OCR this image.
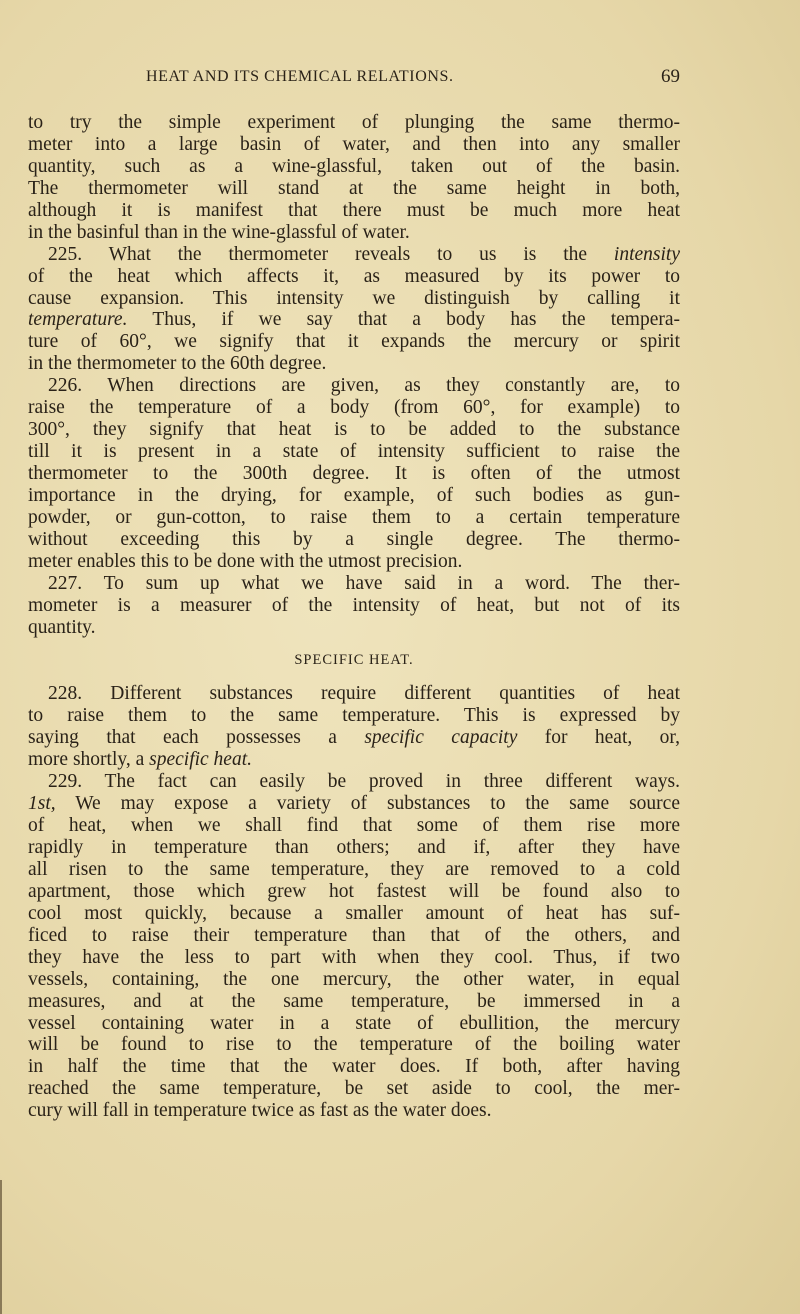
HEAT AND ITS CHEMICAL RELATIONS.	69
to try the simple experiment of plunging the same thermo-
meter into a large basin of water, and then into any smaller
quantity, such as a wine-glassful, taken out of the basin.
The thermometer will stand at the same height in both,
although it is manifest that there must be much more heat
in the basinful than in the wine-glassful of water.
225. What the thermometer reveals to us is the intensity
of the heat which affects it, as measured by its power to
cause expansion. This intensity we distinguish by calling it
temperature. Thus, if we say that a body has the tempera-
ture of 60°, we signify that it expands the mercury or spirit
in the thermometer to the 60th degree.
226. When directions are given, as they constantly are, to
raise the temperature of a body (from 60°, for example) to
300°, they signify that heat is to be added to the substance
till it is present in a state of intensity sufficient to raise the
thermometer to the 300th degree. It is often of the utmost
importance in the drying, for example, of such bodies as gun-
powder, or gun-cotton, to raise them to a certain temperature
without exceeding this by a single degree. The thermo-
meter enables this to be done with the utmost precision.
227. To sum up what we have said in a word. The ther-
mometer is a measurer of the intensity of heat, but not of its
quantity.
SPECIFIC HEAT.
228. Different substances require different quantities of heat
to raise them to the same temperature. This is expressed by
saying that each possesses a specific capacity for heat, or,
more shortly, a specific heat.
229. The fact can easily be proved in three different ways.
1st, We may expose a variety of substances to the same source
of heat, when we shall find that some of them rise more
rapidly in temperature than others; and if, after they have
all risen to the same temperature, they are removed to a cold
apartment, those which grew hot fastest will be found also to
cool most quickly, because a smaller amount of heat has suf-
ficed to raise their temperature than that of the others, and
they have the less to part with when they cool. Thus, if two
vessels, containing, the one mercury, the other water, in equal
measures, and at the same temperature, be immersed in a
vessel containing water in a state of ebullition, the mercury
will be found to rise to the temperature of the boiling water
in half the time that the water does. If both, after having
reached the same temperature, be set aside to cool, the mer-
cury will fall in temperature twice as fast as the water does.
